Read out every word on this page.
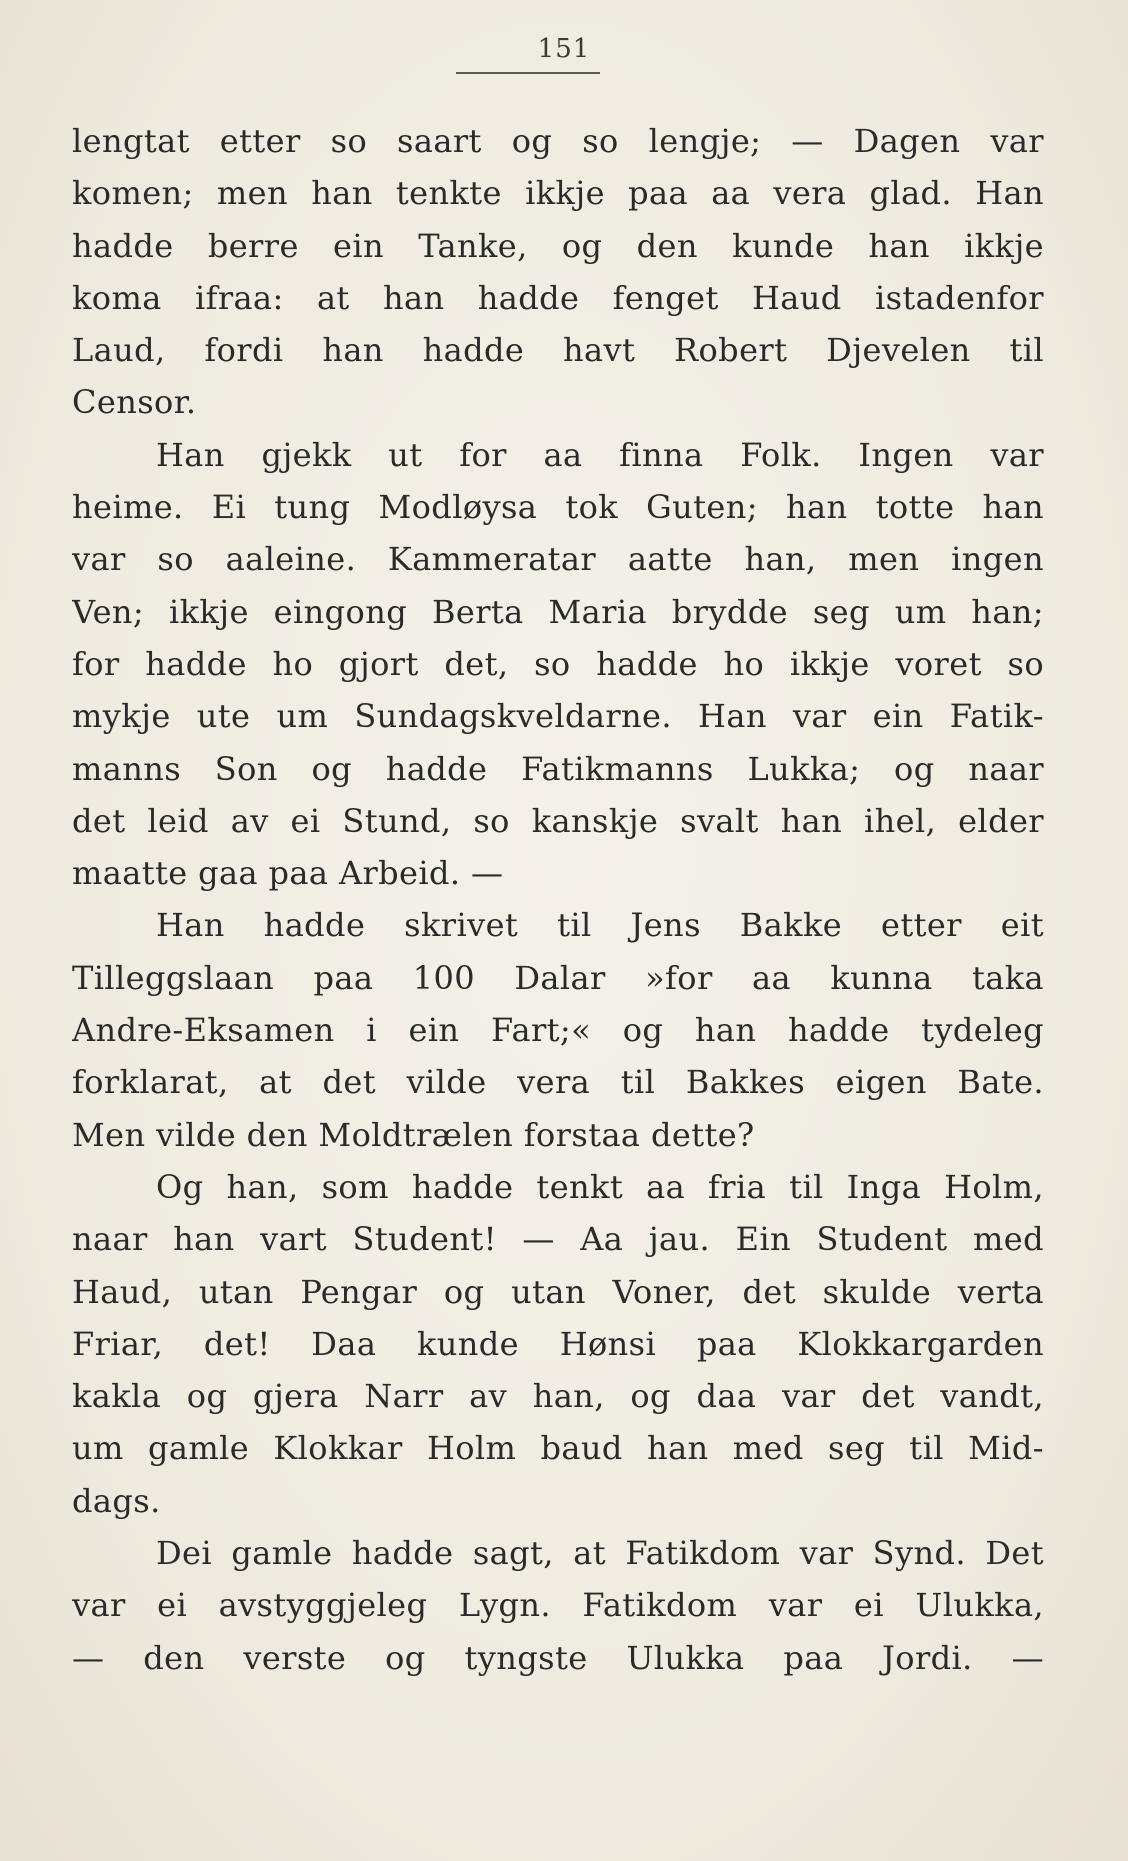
151
lengtat etter so saart og so lengje; — Dagen var
komen; men han tenkte ikkje paa aa vera glad. Han
hadde berre ein Tanke, og den kunde han ikkje
koma ifraa: at han hadde fenget Haud istadenfor
Laud, fordi han hadde havt Robert Djevelen til
Censor.
Han gjekk ut for aa finna Folk. Ingen var
heime. Ei tung Modløysa tok Guten; han totte han
var so aaleine. Kammeratar aatte han, men ingen
Ven; ikkje eingong Berta Maria brydde seg um han;
for hadde ho gjort det, so hadde ho ikkje voret so
mykje ute um Sundagskveldarne. Han var ein Fatik-
manns Son og hadde Fatikmanns Lukka; og naar
det leid av ei Stund, so kanskje svalt han ihel, elder
maatte gaa paa Arbeid. —
Han hadde skrivet til Jens Bakke etter eit
Tilleggslaan paa 100 Dalar »for aa kunna taka
Andre-Eksamen i ein Fart;« og han hadde tydeleg
forklarat, at det vilde vera til Bakkes eigen Bate.
Men vilde den Moldtrælen forstaa dette?
Og han, som hadde tenkt aa fria til Inga Holm,
naar han vart Student! — Aa jau. Ein Student med
Haud, utan Pengar og utan Voner, det skulde verta
Friar, det! Daa kunde Hønsi paa Klokkargarden
kakla og gjera Narr av han, og daa var det vandt,
um gamle Klokkar Holm baud han med seg til Mid-
dags.
Dei gamle hadde sagt, at Fatikdom var Synd. Det
var ei avstyggjeleg Lygn. Fatikdom var ei Ulukka,
— den verste og tyngste Ulukka paa Jordi. —
